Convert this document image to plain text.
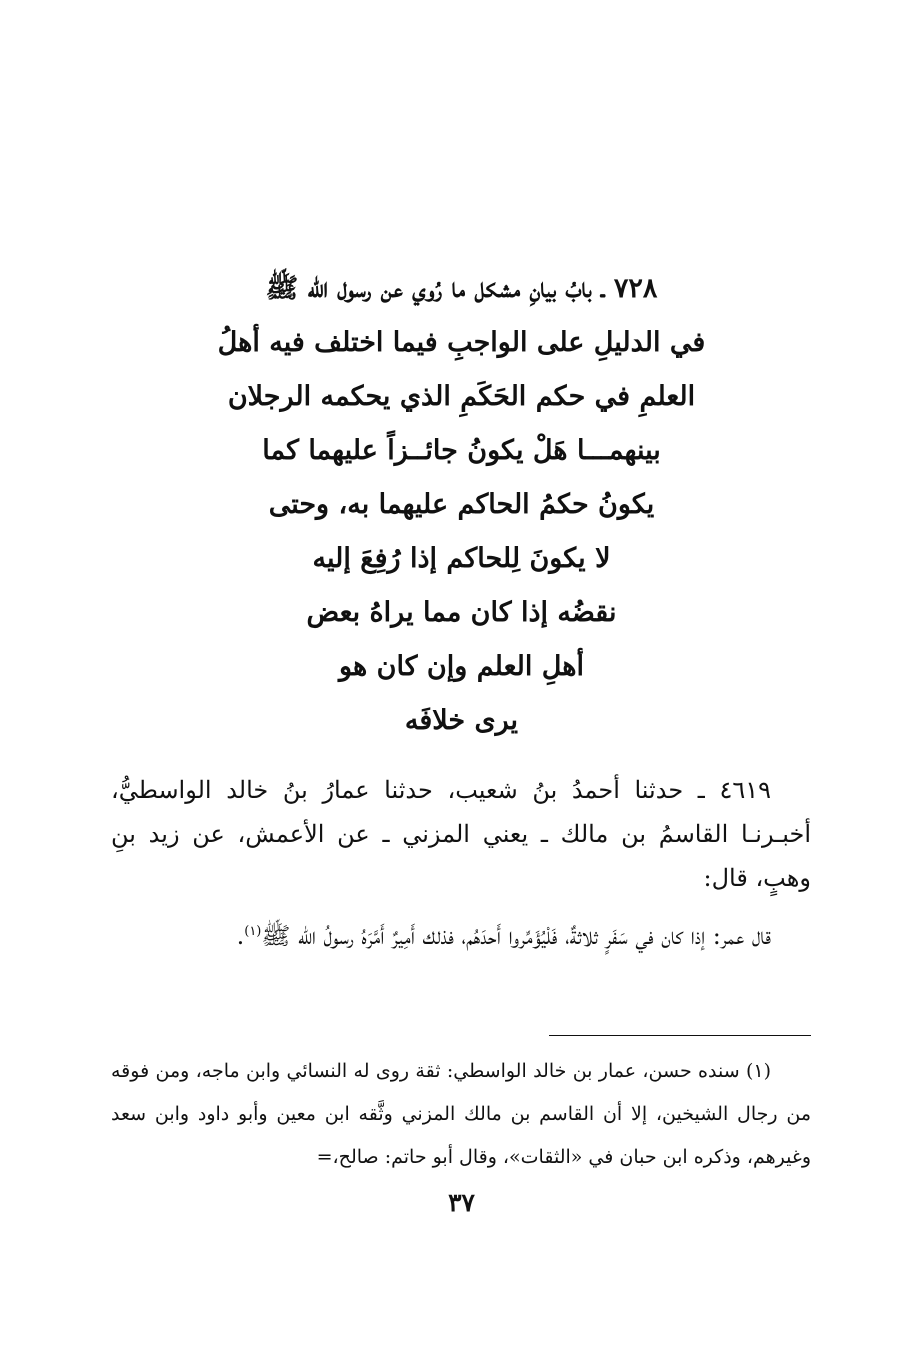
٧٢٨ ـ بابُ بيانِ مشكل ما رُوي عن رسول الله ﷺ
في الدليلِ على الواجبِ فيما اختلف فيه أهلُ
العلمِ في حكم الحَكَمِ الذي يحكمه الرجلان
بينهمـــا هَلْ يكونُ جائــزاً عليهما كما
يكونُ حكمُ الحاكم عليهما به، وحتى
لا يكونَ لِلحاكم إذا رُفِعَ إليه
نقضُه إذا كان مما يراهُ بعض
أهلِ العلم وإن كان هو
يرى خلافَه

٤٦١٩ ـ حدثنا أحمدُ بنُ شعيب، حدثنا عمارُ بنُ خالد الواسطيُّ، أخبـرنـا القاسمُ بن مالك ـ يعني المزني ـ عن الأعمش، عن زيد بنِ وهبٍ، قال:

قال عمر: إذا كان في سَفَرٍ ثلاثةٌ، فَلْيُؤَمِّروا أَحدَهُم، فذلك أَمِيرٌ أَمَّرَهُ رسولُ الله ﷺ$^{(١)}$.

(١) سنده حسن، عمار بن خالد الواسطي: ثقة روى له النسائي وابن ماجه، ومن فوقه من رجال الشيخين، إلا أن القاسم بن مالك المزني وثَّقه ابن معين وأبو داود وابن سعد وغيرهم، وذكره ابن حبان في «الثقات»، وقال أبو حاتم: صالح،=

٣٧
